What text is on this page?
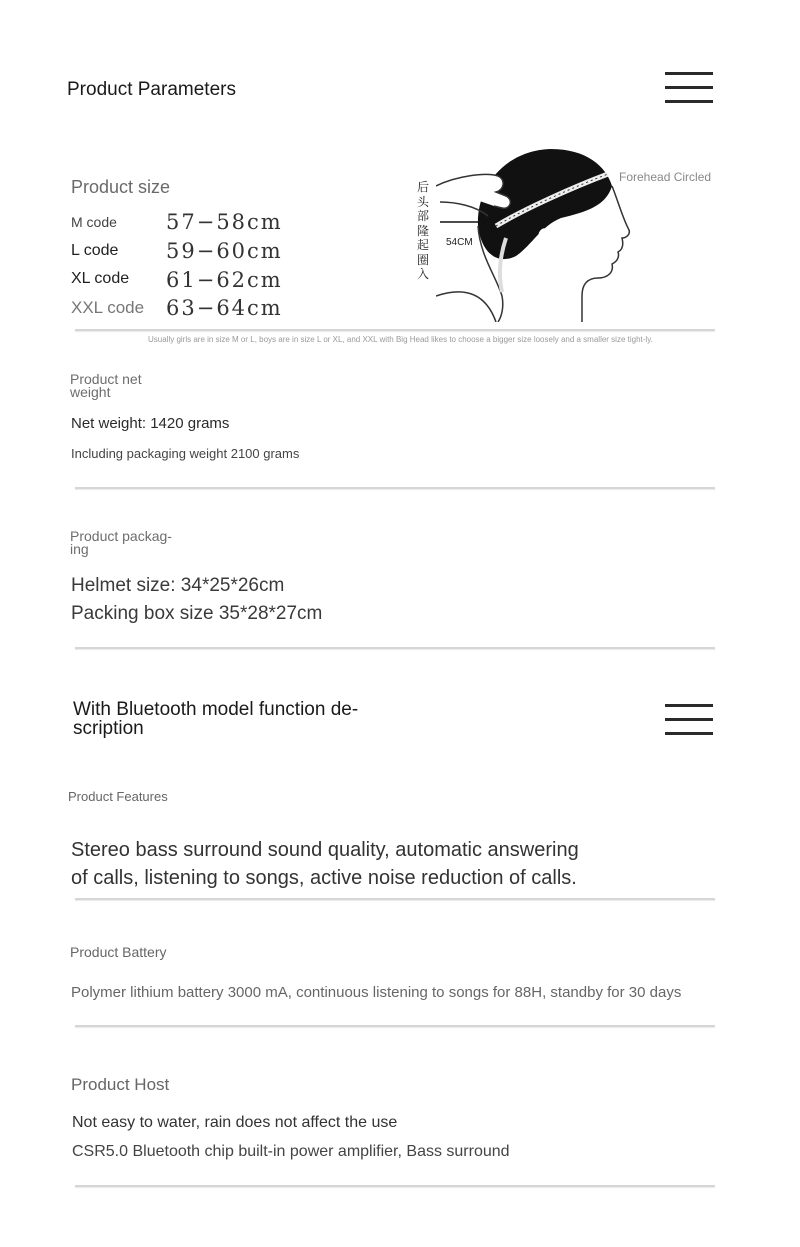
Product Parameters
Product size
M code 57−58cm
L code 59−60cm
XL code 61−62cm
XXL code 63−64cm
后
头
部
隆
起
圈
入
54CM
Forehead Circled
Usually girls are in size M or L, boys are in size L or XL, and XXL with Big Head likes to choose a bigger size loosely and a smaller size tight-ly.
Product net
weight
Net weight: 1420 grams
Including packaging weight 2100 grams
Product packag-
ing
Helmet size: 34*25*26cm
Packing box size 35*28*27cm
With Bluetooth model function de-
scription
Product Features
Stereo bass surround sound quality, automatic answering
of calls, listening to songs, active noise reduction of calls.
Product Battery
Polymer lithium battery 3000 mA, continuous listening to songs for 88H, standby for 30 days
Product Host
Not easy to water, rain does not affect the use
CSR5.0 Bluetooth chip built-in power amplifier, Bass surround
